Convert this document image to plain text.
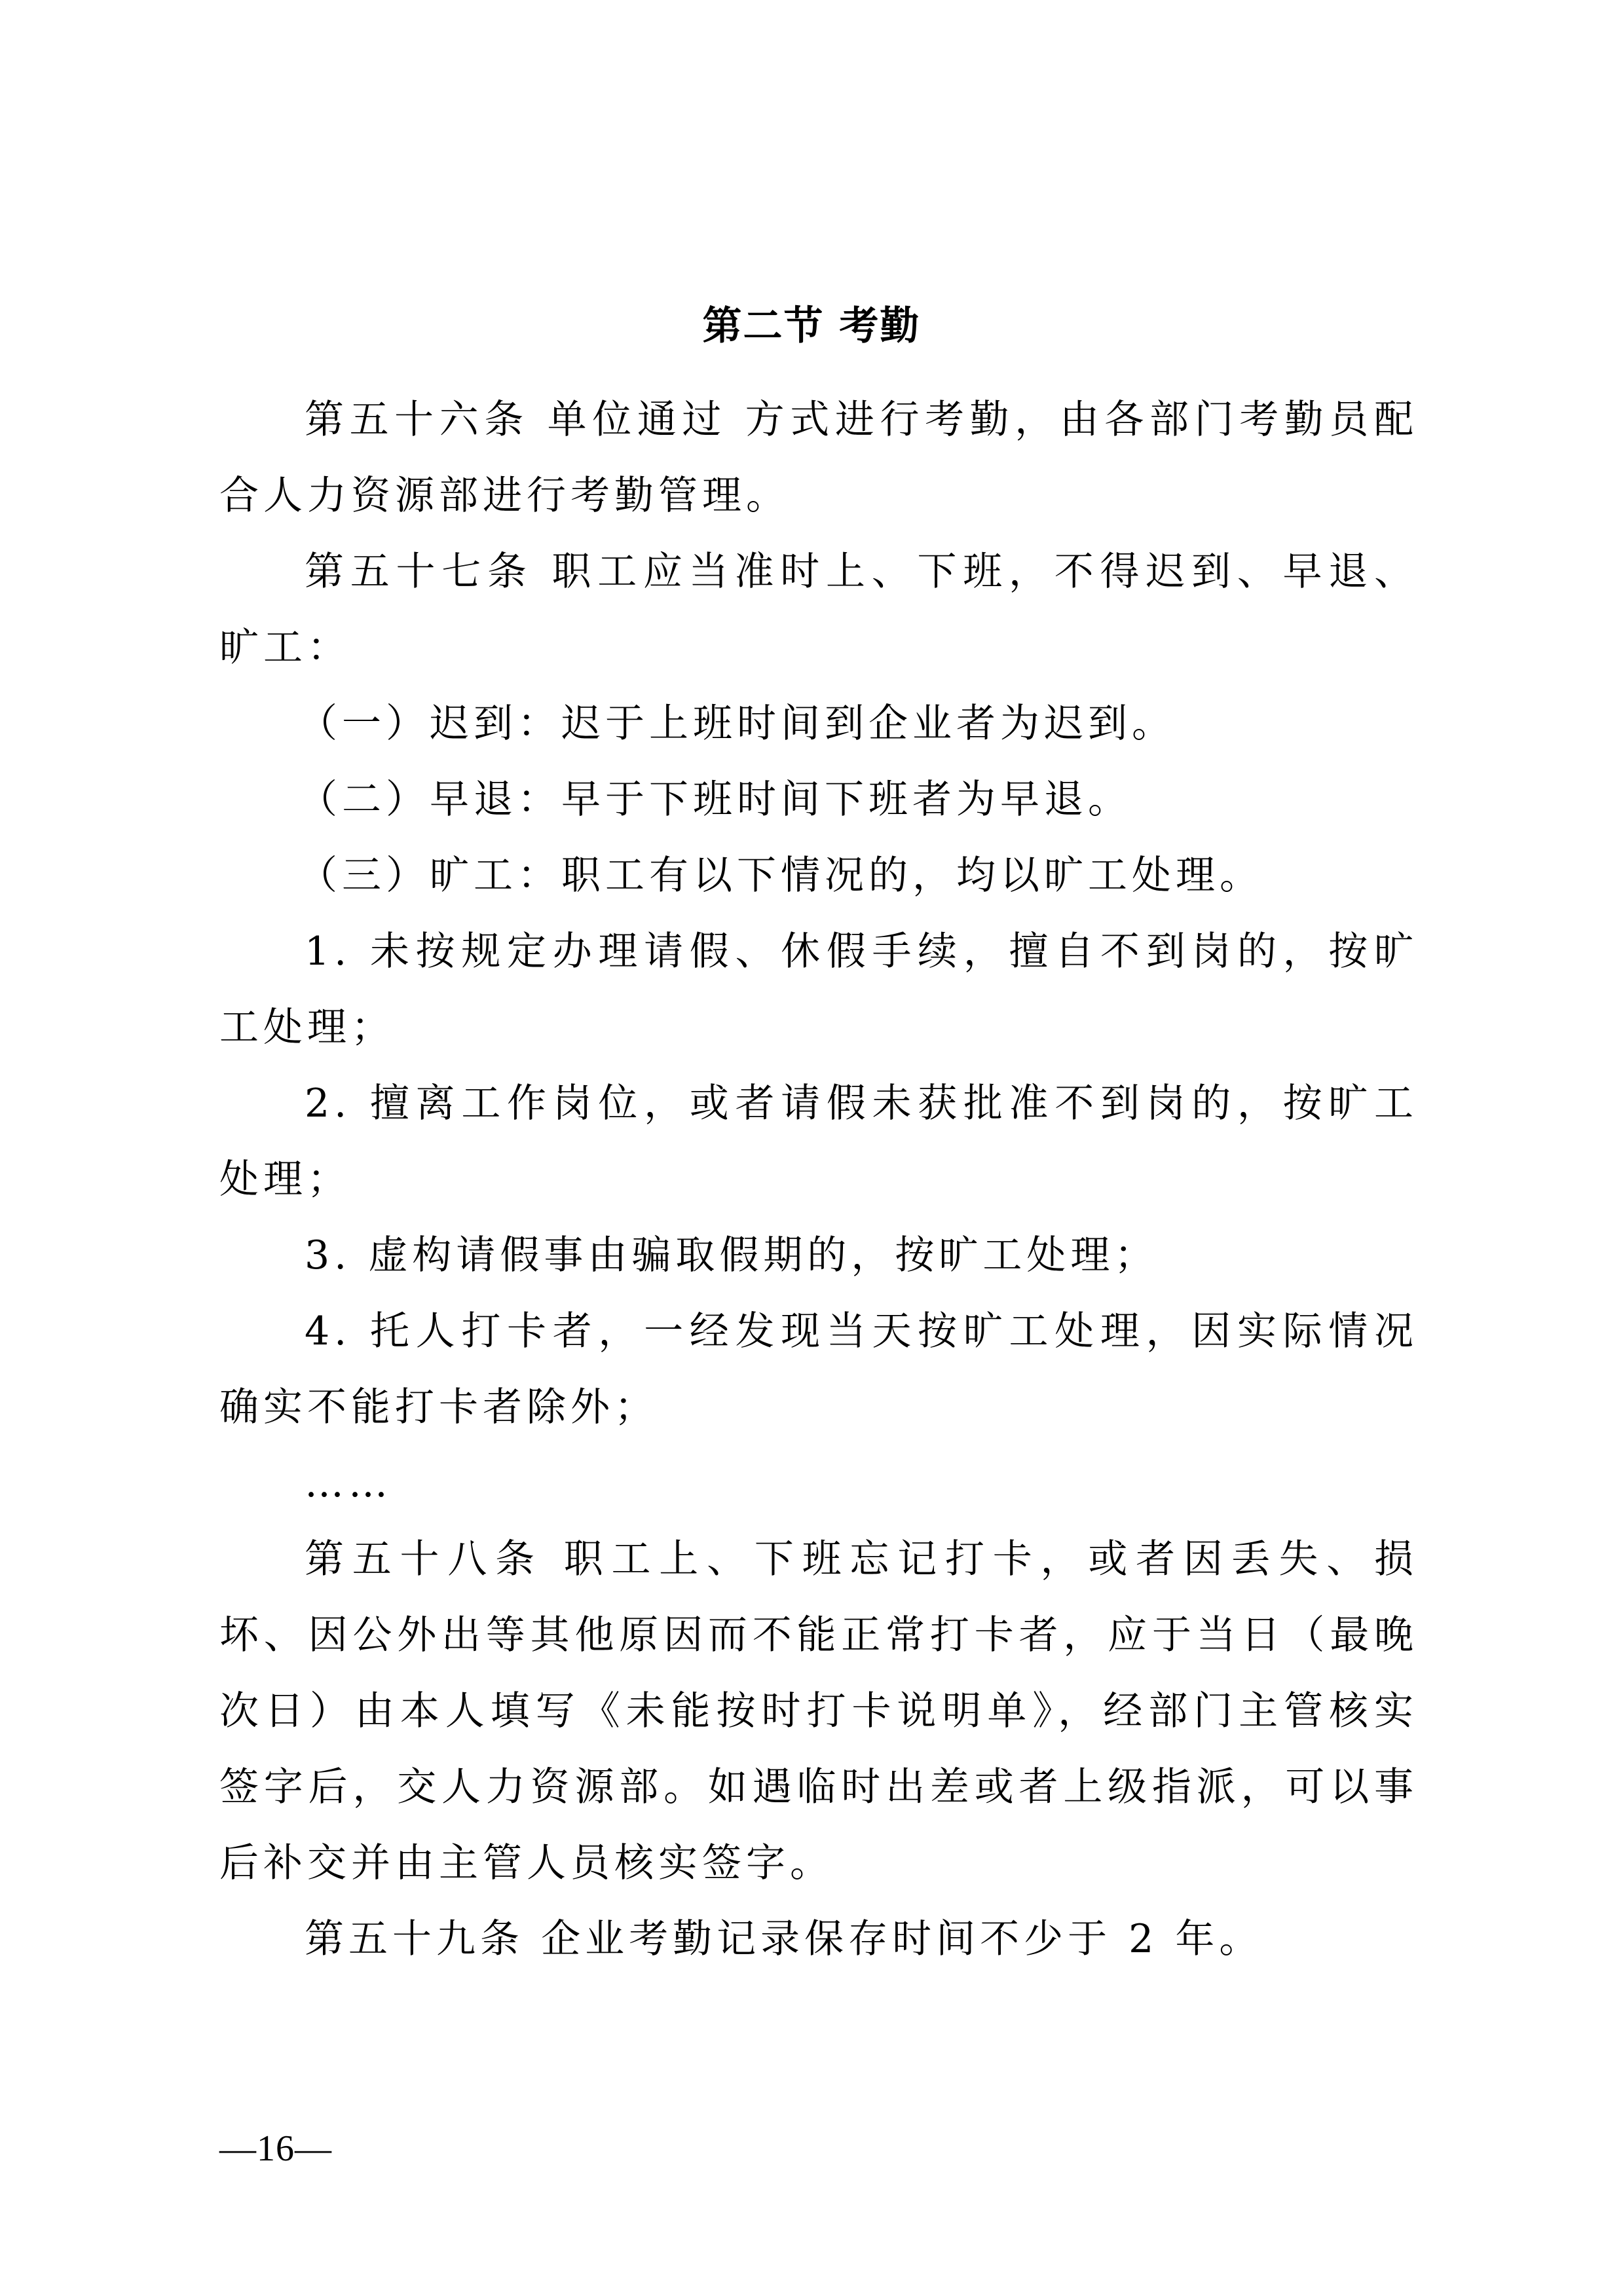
第二节 考勤

第五十六条 单位通过 方式进行考勤，由各部门考勤员配合人力资源部进行考勤管理。

第五十七条 职工应当准时上、下班，不得迟到、早退、旷工：

（一）迟到：迟于上班时间到企业者为迟到。

（二）早退：早于下班时间下班者为早退。

（三）旷工：职工有以下情况的，均以旷工处理。

1. 未按规定办理请假、休假手续，擅自不到岗的，按旷工处理；

2. 擅离工作岗位，或者请假未获批准不到岗的，按旷工处理；

3. 虚构请假事由骗取假期的，按旷工处理；

4. 托人打卡者，一经发现当天按旷工处理，因实际情况确实不能打卡者除外；

……

第五十八条 职工上、下班忘记打卡，或者因丢失、损坏、因公外出等其他原因而不能正常打卡者，应于当日（最晚次日）由本人填写《未能按时打卡说明单》，经部门主管核实签字后，交人力资源部。如遇临时出差或者上级指派，可以事后补交并由主管人员核实签字。

第五十九条 企业考勤记录保存时间不少于 2 年。

—16—
